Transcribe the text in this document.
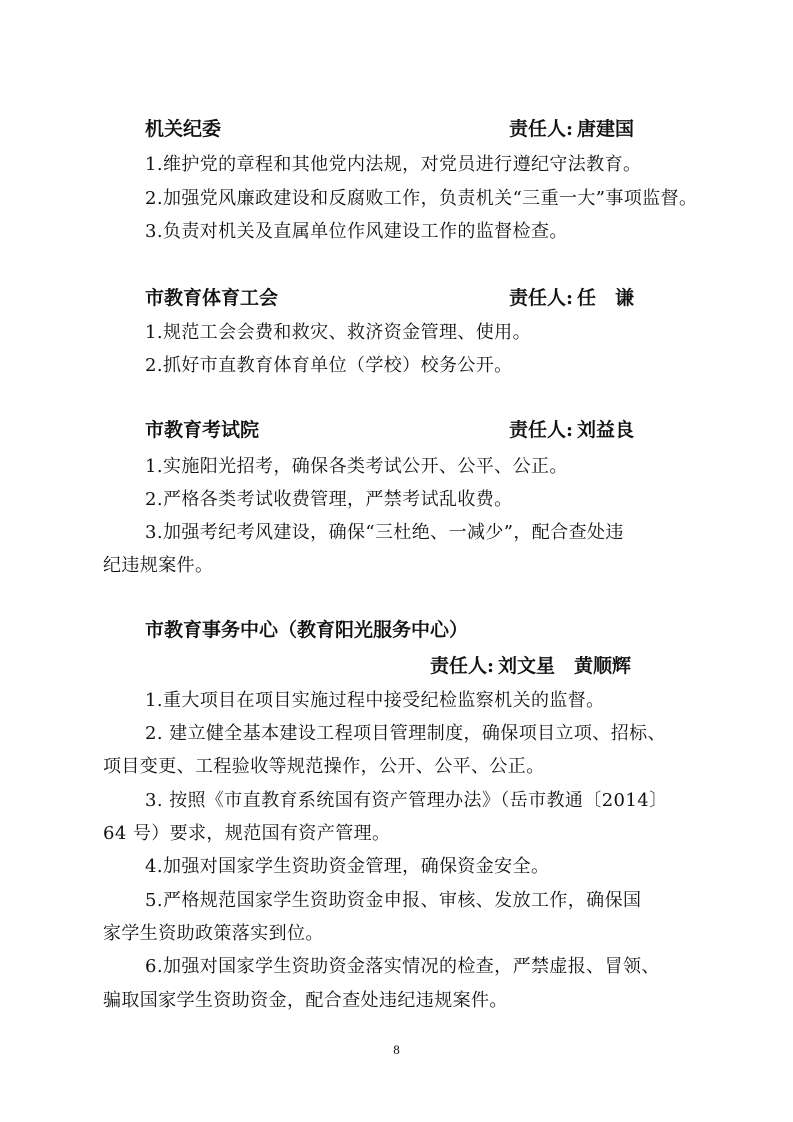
机关纪委	责任人: 唐建国
1.维护党的章程和其他党内法规，对党员进行遵纪守法教育。
2.加强党风廉政建设和反腐败工作，负责机关“三重一大”事项监督。
3.负责对机关及直属单位作风建设工作的监督检查。
市教育体育工会	责任人: 任　谦
1.规范工会会费和救灾、救济资金管理、使用。
2.抓好市直教育体育单位（学校）校务公开。
市教育考试院	责任人: 刘益良
1.实施阳光招考，确保各类考试公开、公平、公正。
2.严格各类考试收费管理，严禁考试乱收费。
3.加强考纪考风建设，确保“三杜绝、一减少”，配合查处违
纪违规案件。
市教育事务中心（教育阳光服务中心）
责任人: 刘文星　黄顺辉
1.重大项目在项目实施过程中接受纪检监察机关的监督。
2. 建立健全基本建设工程项目管理制度，确保项目立项、招标、
项目变更、工程验收等规范操作，公开、公平、公正。
3. 按照《市直教育系统国有资产管理办法》（岳市教通〔2014〕
64 号）要求，规范国有资产管理。
4.加强对国家学生资助资金管理，确保资金安全。
5.严格规范国家学生资助资金申报、审核、发放工作，确保国
家学生资助政策落实到位。
6.加强对国家学生资助资金落实情况的检查，严禁虚报、冒领、
骗取国家学生资助资金，配合查处违纪违规案件。
8
